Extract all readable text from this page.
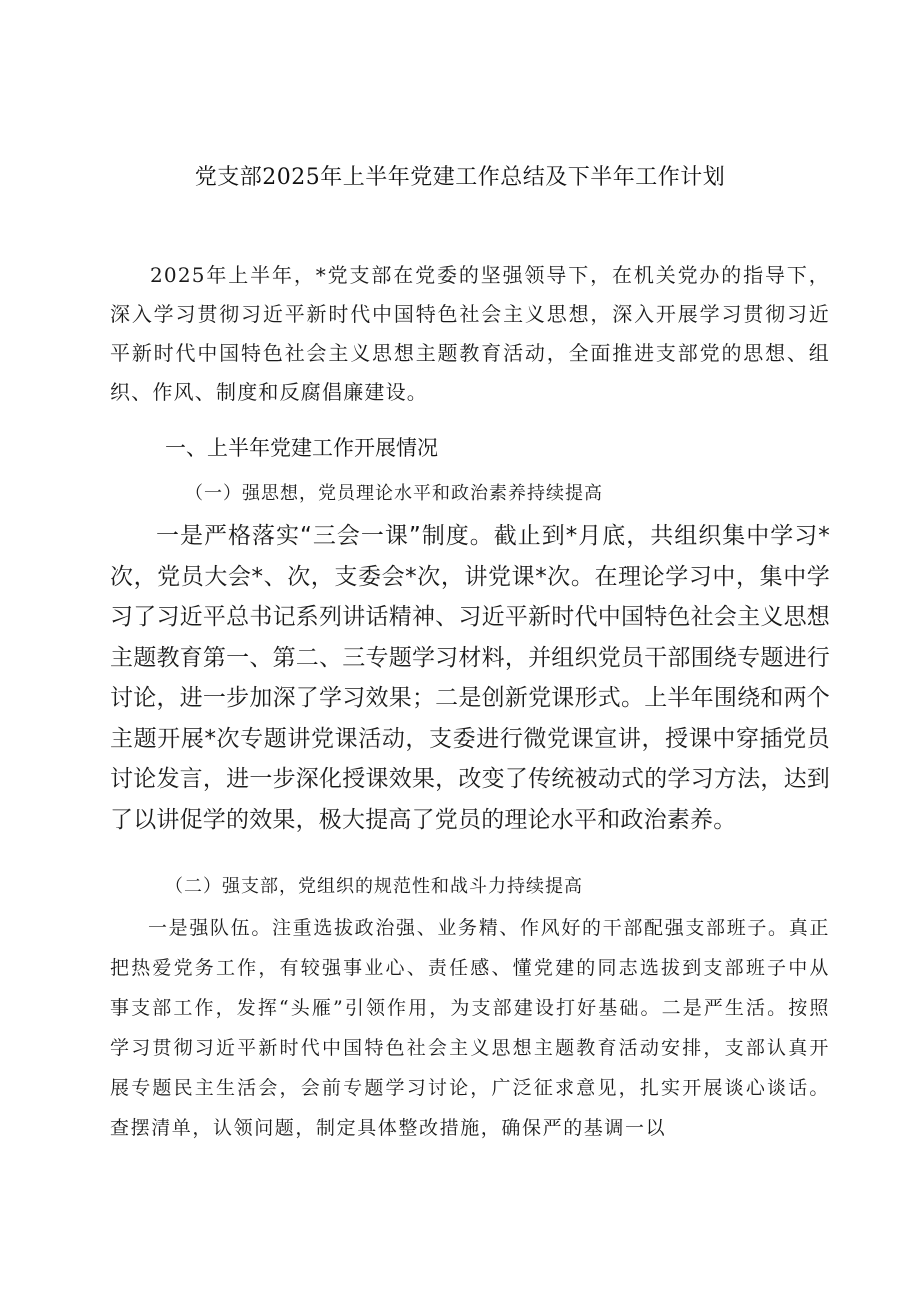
党支部2025年上半年党建工作总结及下半年工作计划

2025年上半年，*党支部在党委的坚强领导下，在机关党办的指导下，深入学习贯彻习近平新时代中国特色社会主义思想，深入开展学习贯彻习近平新时代中国特色社会主义思想主题教育活动，全面推进支部党的思想、组织、作风、制度和反腐倡廉建设。

一、上半年党建工作开展情况
（一）强思想，党员理论水平和政治素养持续提高

一是严格落实“三会一课”制度。截止到*月底，共组织集中学习*次，党员大会*、次，支委会*次，讲党课*次。在理论学习中，集中学习了习近平总书记系列讲话精神、习近平新时代中国特色社会主义思想主题教育第一、第二、三专题学习材料，并组织党员干部围绕专题进行讨论，进一步加深了学习效果；二是创新党课形式。上半年围绕和两个主题开展*次专题讲党课活动，支委进行微党课宣讲，授课中穿插党员讨论发言，进一步深化授课效果，改变了传统被动式的学习方法，达到了以讲促学的效果，极大提高了党员的理论水平和政治素养。

（二）强支部，党组织的规范性和战斗力持续提高

一是强队伍。注重选拔政治强、业务精、作风好的干部配强支部班子。真正把热爱党务工作，有较强事业心、责任感、懂党建的同志选拔到支部班子中从事支部工作，发挥“头雁”引领作用，为支部建设打好基础。二是严生活。按照学习贯彻习近平新时代中国特色社会主义思想主题教育活动安排，支部认真开展专题民主生活会，会前专题学习讨论，广泛征求意见，扎实开展谈心谈话。查摆清单，认领问题，制定具体整改措施，确保严的基调一以
